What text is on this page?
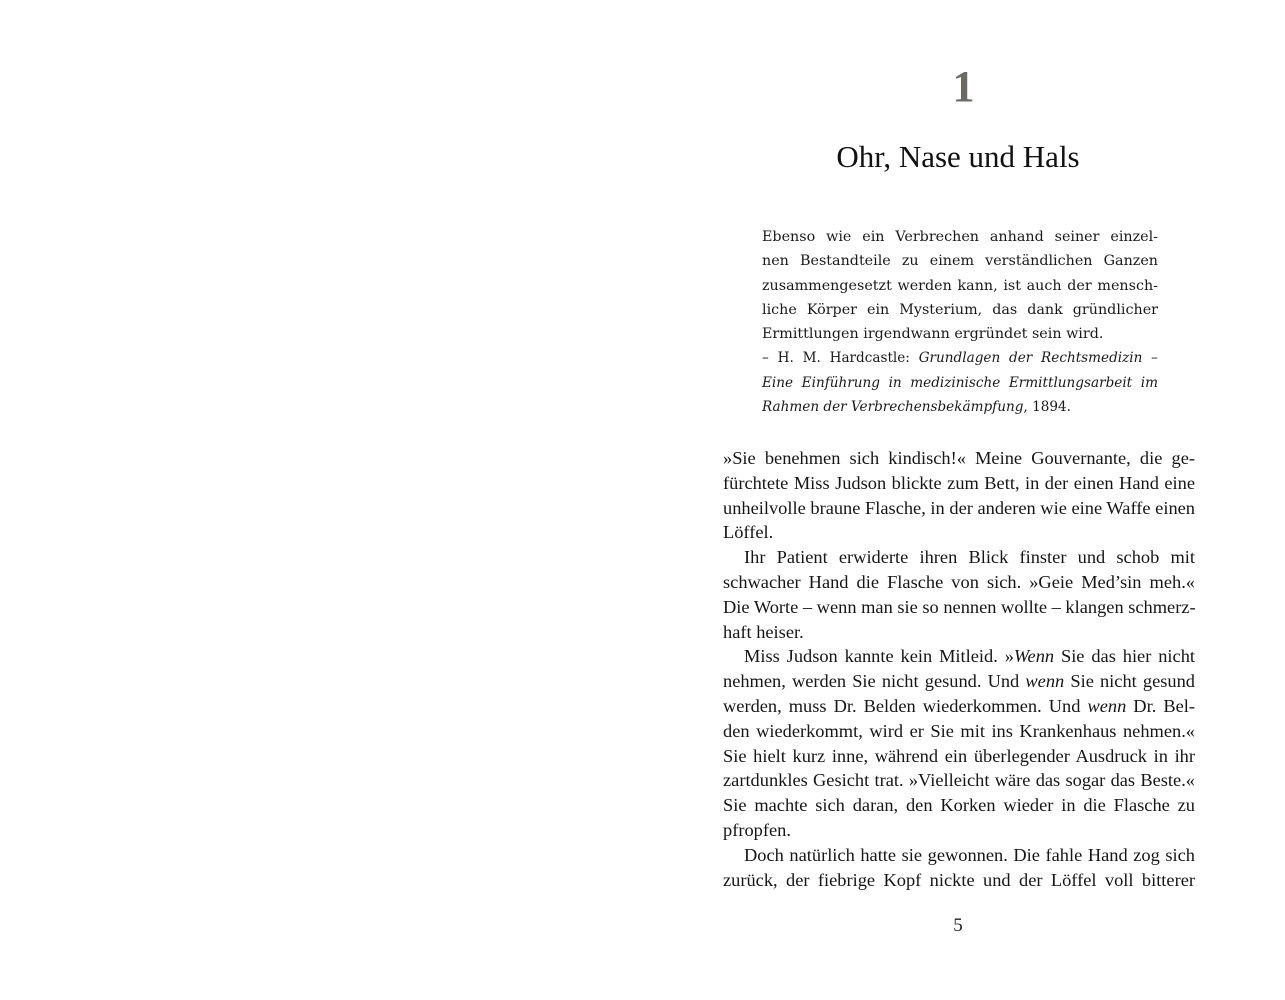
1
Ohr, Nase und Hals
Ebenso wie ein Verbrechen anhand seiner einzel-
nen Bestandteile zu einem verständlichen Ganzen
zusammengesetzt werden kann, ist auch der mensch-
liche Körper ein Mysterium, das dank gründlicher
Ermittlungen irgendwann ergründet sein wird.
– H. M. Hardcastle: Grundlagen der Rechtsmedizin –
Eine Einführung in medizinische Ermittlungsarbeit im
Rahmen der Verbrechensbekämpfung, 1894.
»Sie benehmen sich kindisch!« Meine Gouvernante, die ge-
fürchtete Miss Judson blickte zum Bett, in der einen Hand eine
unheilvolle braune Flasche, in der anderen wie eine Waffe einen
Löffel.
Ihr Patient erwiderte ihren Blick finster und schob mit
schwacher Hand die Flasche von sich. »Geie Med’sin meh.«
Die Worte – wenn man sie so nennen wollte – klangen schmerz-
haft heiser.
Miss Judson kannte kein Mitleid. »Wenn Sie das hier nicht
nehmen, werden Sie nicht gesund. Und wenn Sie nicht gesund
werden, muss Dr. Belden wiederkommen. Und wenn Dr. Bel-
den wiederkommt, wird er Sie mit ins Krankenhaus nehmen.«
Sie hielt kurz inne, während ein überlegender Ausdruck in ihr
zartdunkles Gesicht trat. »Vielleicht wäre das sogar das Beste.«
Sie machte sich daran, den Korken wieder in die Flasche zu
pfropfen.
Doch natürlich hatte sie gewonnen. Die fahle Hand zog sich
zurück, der fiebrige Kopf nickte und der Löffel voll bitterer
5
